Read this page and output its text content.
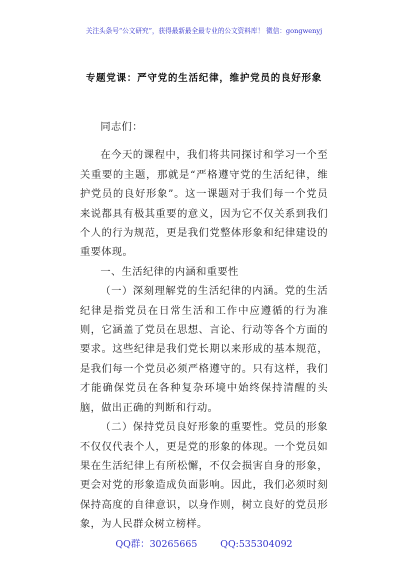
关注头条号“公文研究”，获得最新最全最专业的公文资料库！ 微信：gongwenyj
专题党课：严守党的生活纪律，维护党员的良好形象

同志们：

在今天的课程中，我们将共同探讨和学习一个至关重要的主题，那就是“严格遵守党的生活纪律，维护党员的良好形象”。这一课题对于我们每一个党员来说都具有极其重要的意义，因为它不仅关系到我们个人的行为规范，更是我们党整体形象和纪律建设的重要体现。

一、生活纪律的内涵和重要性

（一）深刻理解党的生活纪律的内涵。党的生活纪律是指党员在日常生活和工作中应遵循的行为准则，它涵盖了党员在思想、言论、行动等各个方面的要求。这些纪律是我们党长期以来形成的基本规范，是我们每一个党员必须严格遵守的。只有这样，我们才能确保党员在各种复杂环境中始终保持清醒的头脑，做出正确的判断和行动。

（二）保持党员良好形象的重要性。党员的形象不仅仅代表个人，更是党的形象的体现。一个党员如果在生活纪律上有所松懈，不仅会损害自身的形象，更会对党的形象造成负面影响。因此，我们必须时刻保持高度的自律意识，以身作则，树立良好的党员形象，为人民群众树立榜样。

QQ群：30265665 QQ:535304092
